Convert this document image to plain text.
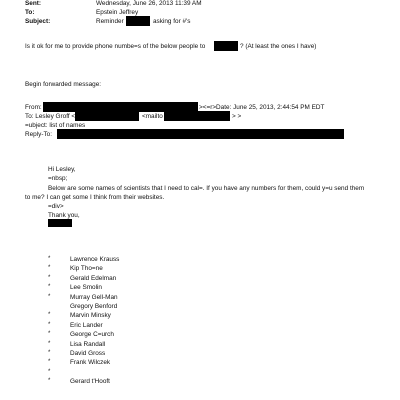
Sent:	Wednesday, June 26, 2013 11:39 AM
To:	Epstein Jeffrey
Subject:	Reminder	asking for #'s
Is it ok for me to provide phone numbe=s of the below people to	? (At least the ones I have)
Begin forwarded message:
From:	><=r>Date: June 25, 2013, 2:44:54 PM EDT
To: Lesley Groff <	<mailto	> >
=ubject: list of names
Reply-To:
Hi Lesley,
=nbsp;
Below are some names of scientists that I need to cal=. If you have any numbers for them, could y=u send them
to me? I can get some I think from their websites.
=div>
Thank you,
*	Lawrence Krauss
*	Kip Tho=ne
*	Gerald Edelman
*	Lee Smolin
*	Murray Gell-Man
Gregory Benford
*	Marvin Minsky
*	Eric Lander
*	George C=urch
*	Lisa Randall
*	David Gross
*	Frank Wilczek
*
*	Gerard t'Hooft
